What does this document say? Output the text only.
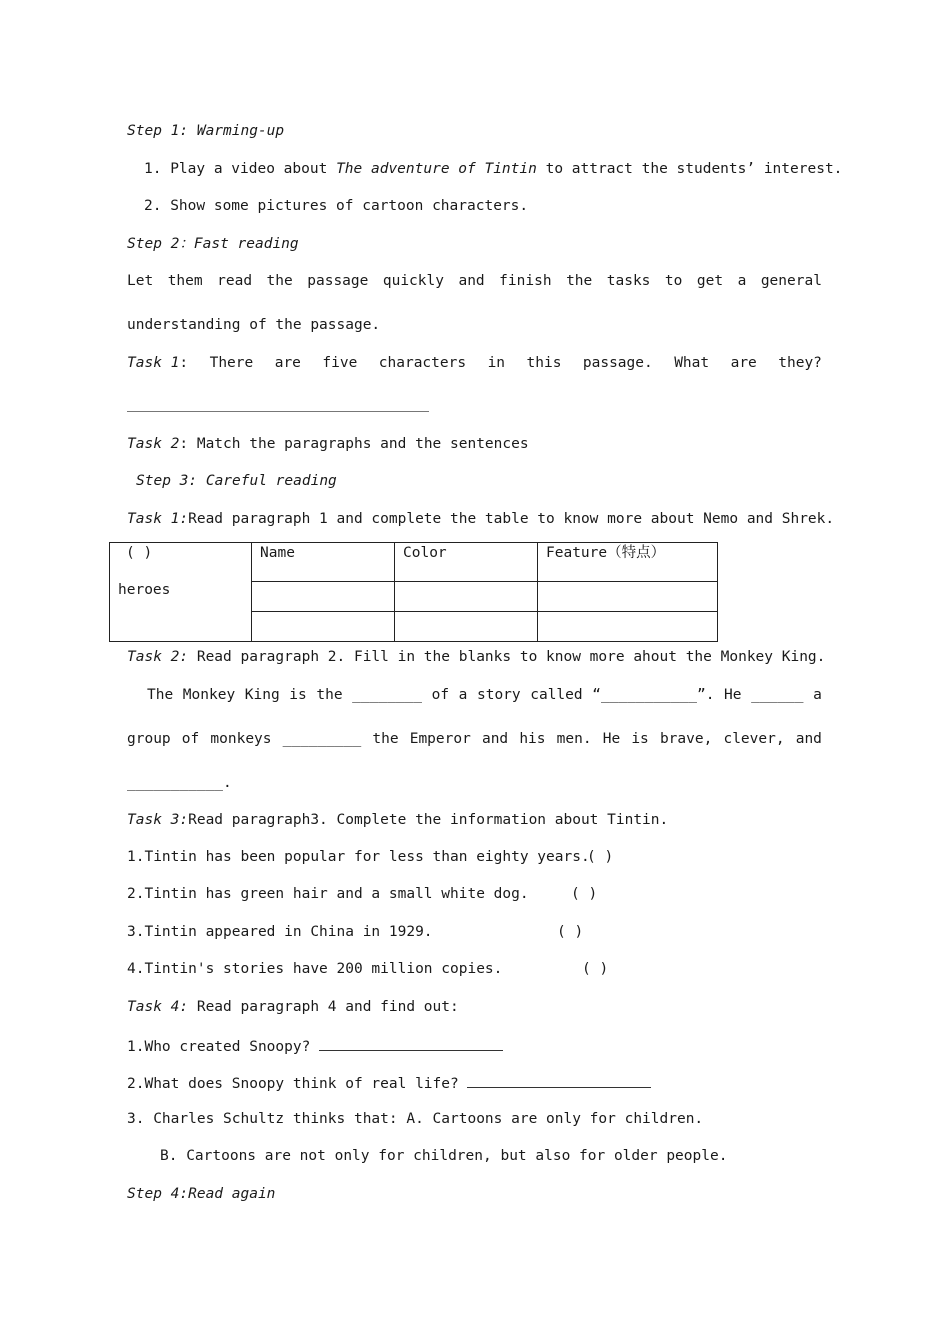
Step 1: Warming-up
1. Play a video about The adventure of Tintin to attract the students’ interest.
2. Show some pictures of cartoon characters.
Step 2：Fast reading
Let them read the passage quickly and finish the tasks to get a general
understanding of the passage.
Task 1 : There are five characters in this passage. What are they?
Task 2: Match the paragraphs and the sentences
Step 3: Careful reading
Task 1:Read paragraph 1 and complete the table to know more about Nemo and Shrek.
( )
heroes	Name	Color	Feature（特点）

Task 2: Read paragraph 2. Fill in the blanks to know more ahout the Monkey King.
The Monkey King is the ________ of a story called “___________”. He ______ a
group of monkeys _________ the Emperor and his men. He is brave, clever, and
___________.
Task 3:Read paragraph3. Complete the information about Tintin.
1.Tintin has been popular for less than eighty years.
( )
2.Tintin has green hair and a small white dog.	( )
3.Tintin appeared in China in 1929.	( )
4.Tintin's stories have 200 million copies.	( )
Task 4: Read paragraph 4 and find out:
1.Who created Snoopy?
2.What does Snoopy think of real life?
3. Charles Schultz thinks that: A. Cartoons are only for children.
B. Cartoons are not only for children, but also for older people.
Step 4:Read again
